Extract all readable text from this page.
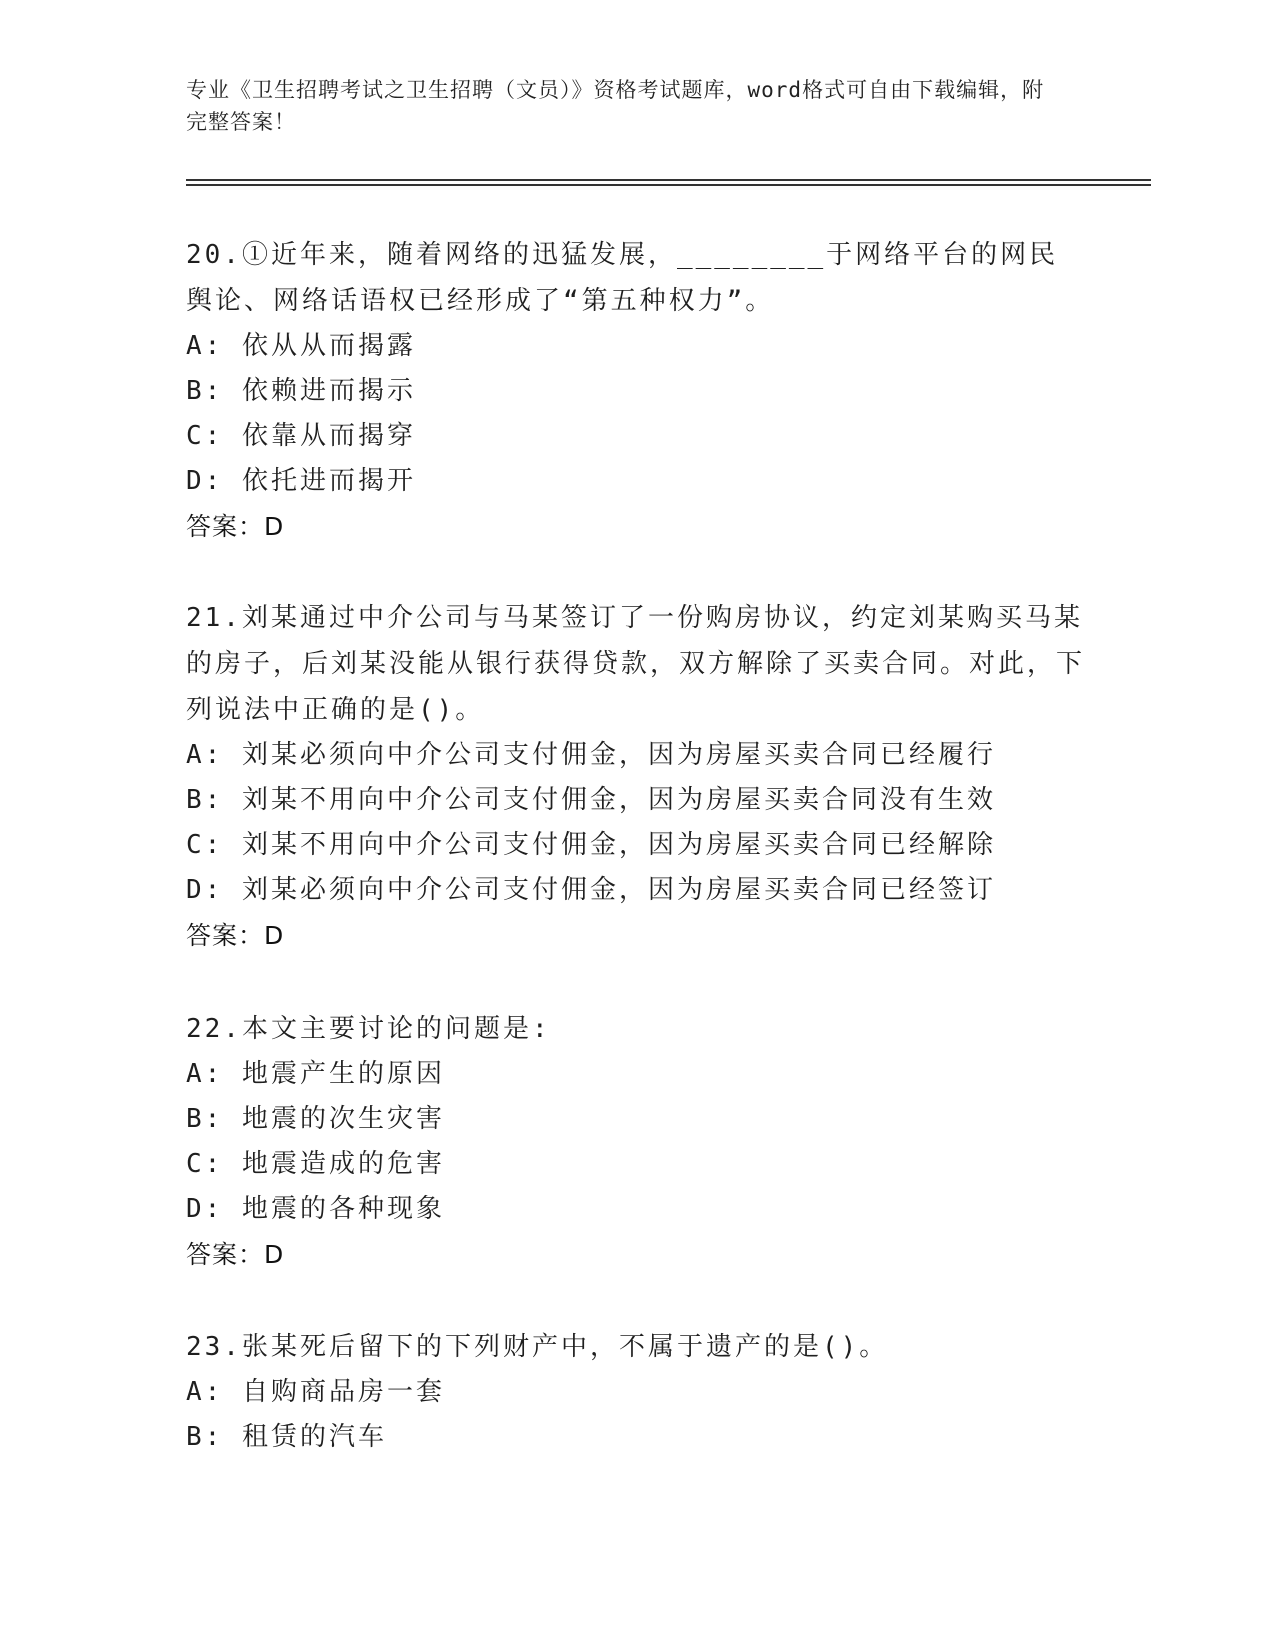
专业《卫生招聘考试之卫生招聘（文员）》资格考试题库，word格式可自由下载编辑，附完整答案！
20.①近年来，随着网络的迅猛发展，________于网络平台的网民舆论、网络话语权已经形成了“第五种权力”。
A: 依从从而揭露
B: 依赖进而揭示
C: 依靠从而揭穿
D: 依托进而揭开
答案：D
21.刘某通过中介公司与马某签订了一份购房协议，约定刘某购买马某的房子，后刘某没能从银行获得贷款，双方解除了买卖合同。对此，下列说法中正确的是()。
A: 刘某必须向中介公司支付佣金，因为房屋买卖合同已经履行
B: 刘某不用向中介公司支付佣金，因为房屋买卖合同没有生效
C: 刘某不用向中介公司支付佣金，因为房屋买卖合同已经解除
D: 刘某必须向中介公司支付佣金，因为房屋买卖合同已经签订
答案：D
22.本文主要讨论的问题是:
A: 地震产生的原因
B: 地震的次生灾害
C: 地震造成的危害
D: 地震的各种现象
答案：D
23.张某死后留下的下列财产中，不属于遗产的是()。
A: 自购商品房一套
B: 租赁的汽车
